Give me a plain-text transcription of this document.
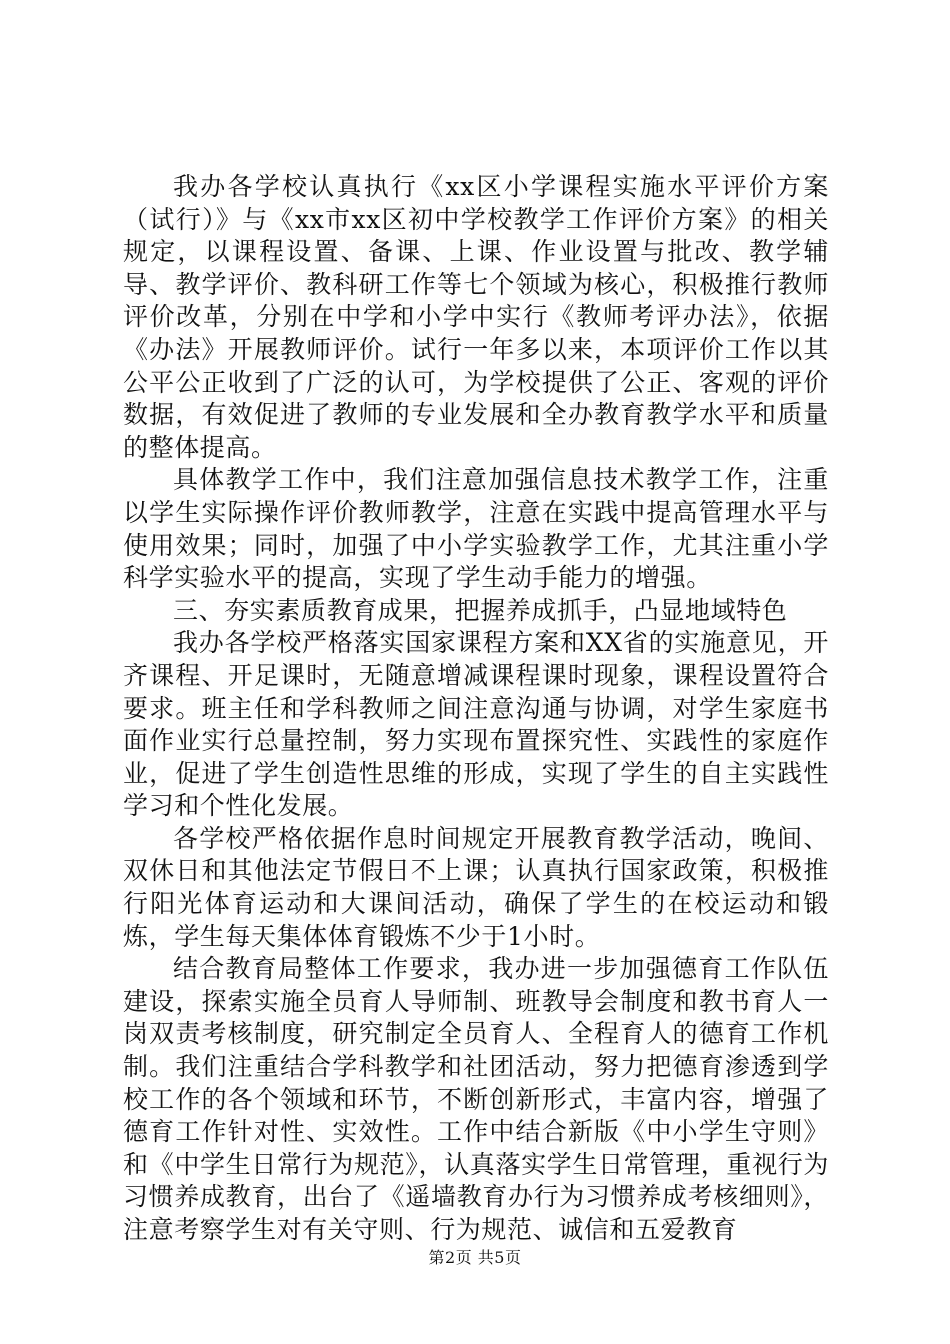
我办各学校认真执行《xx区小学课程实施水平评价方案（试行）》与《xx市xx区初中学校教学工作评价方案》的相关规定，以课程设置、备课、上课、作业设置与批改、教学辅导、教学评价、教科研工作等七个领域为核心，积极推行教师评价改革，分别在中学和小学中实行《教师考评办法》，依据《办法》开展教师评价。试行一年多以来，本项评价工作以其公平公正收到了广泛的认可，为学校提供了公正、客观的评价数据，有效促进了教师的专业发展和全办教育教学水平和质量的整体提高。

具体教学工作中，我们注意加强信息技术教学工作，注重以学生实际操作评价教师教学，注意在实践中提高管理水平与使用效果；同时，加强了中小学实验教学工作，尤其注重小学科学实验水平的提高，实现了学生动手能力的增强。

三、夯实素质教育成果，把握养成抓手，凸显地域特色

我办各学校严格落实国家课程方案和XX省的实施意见，开齐课程、开足课时，无随意增减课程课时现象，课程设置符合要求。班主任和学科教师之间注意沟通与协调，对学生家庭书面作业实行总量控制，努力实现布置探究性、实践性的家庭作业，促进了学生创造性思维的形成，实现了学生的自主实践性学习和个性化发展。

各学校严格依据作息时间规定开展教育教学活动，晚间、双休日和其他法定节假日不上课；认真执行国家政策，积极推行阳光体育运动和大课间活动，确保了学生的在校运动和锻炼，学生每天集体体育锻炼不少于1小时。

结合教育局整体工作要求，我办进一步加强德育工作队伍建设，探索实施全员育人导师制、班教导会制度和教书育人一岗双责考核制度，研究制定全员育人、全程育人的德育工作机制。我们注重结合学科教学和社团活动，努力把德育渗透到学校工作的各个领域和环节，不断创新形式，丰富内容，增强了德育工作针对性、实效性。工作中结合新版《中小学生守则》和《中学生日常行为规范》，认真落实学生日常管理，重视行为习惯养成教育，出台了《遥墙教育办行为习惯养成考核细则》，注意考察学生对有关守则、行为规范、诚信和五爱教育

第2页 共5页
